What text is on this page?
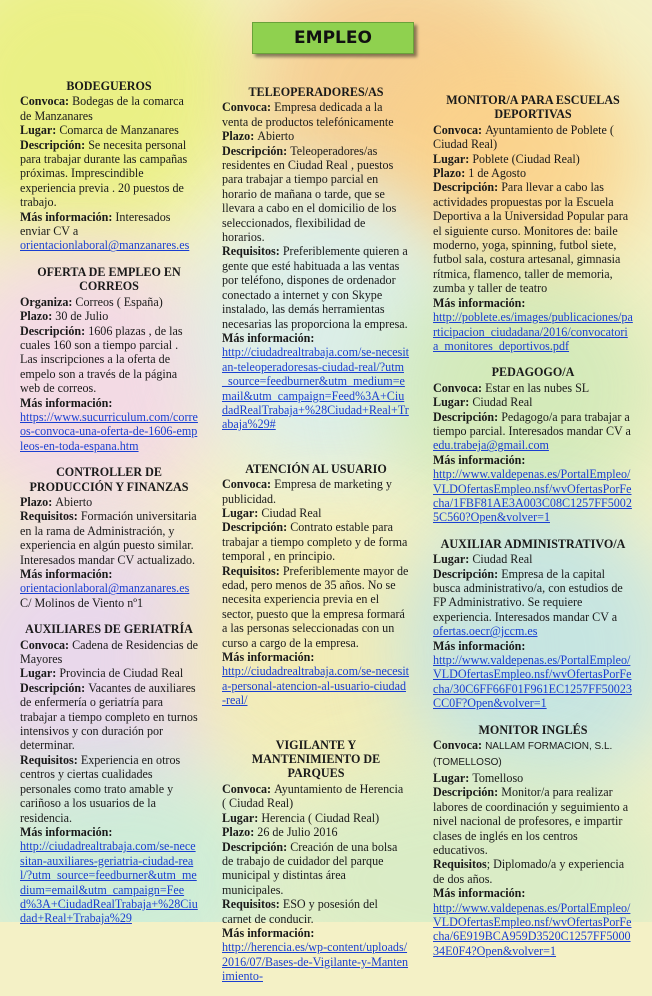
EMPLEO
BODEGUEROS
Convoca: Bodegas de la comarca de Manzanares
Lugar: Comarca de Manzanares
Descripción: Se necesita personal para trabajar durante las campañas próximas. Imprescindible experiencia previa . 20 puestos de trabajo.
Más información: Interesados enviar CV a
orientacionlaboral@manzanares.es
OFERTA DE EMPLEO EN CORREOS
Organiza: Correos ( España)
Plazo: 30 de Julio
Descripción: 1606 plazas , de las cuales 160 son a tiempo parcial . Las inscripciones a la oferta de empelo son a través de la página web de correos.
Más información:
https://www.sucurriculum.com/correos-convoca-una-oferta-de-1606-empleos-en-toda-espana.htm
CONTROLLER DE PRODUCCIÓN Y FINANZAS
Plazo: Abierto
Requisitos: Formación universitaria en la rama de Administración, y experiencia en algún puesto similar. Interesados mandar CV actualizado.
Más información:
orientacionlaboral@manzanares.es
C/ Molinos de Viento nº1
AUXILIARES DE GERIATRÍA
Convoca: Cadena de Residencias de Mayores
Lugar: Provincia de Ciudad Real
Descripción: Vacantes de auxiliares de enfermería o geriatría para trabajar a tiempo completo en turnos intensivos y con duración por determinar.
Requisitos: Experiencia en otros centros y ciertas cualidades personales como trato amable y cariñoso a los usuarios de la residencia.
Más información:
http://ciudadrealtrabaja.com/se-necesitan-auxiliares-geriatria-ciudad-real/?utm_source=feedburner&utm_medium=email&utm_campaign=Feed%3A+CiudadRealTrabaja+%28Ciudad+Real+Trabaja%29
TELEOPERADORES/AS
Convoca: Empresa dedicada a la venta de productos telefónicamente
Plazo: Abierto
Descripción: Teleoperadores/as residentes en Ciudad Real , puestos para trabajar a tiempo parcial en horario de mañana o tarde, que se llevara a cabo en el domicilio de los seleccionados, flexibilidad de horarios.
Requisitos: Preferiblemente quieren a gente que esté habituada a las ventas por teléfono, dispones de ordenador conectado a internet y con Skype instalado, las demás herramientas necesarias las proporciona la empresa.
Más información:
http://ciudadrealtrabaja.com/se-necesitan-teleoperadoresas-ciudad-real/?utm_source=feedburner&utm_medium=email&utm_campaign=Feed%3A+CiudadRealTrabaja+%28Ciudad+Real+Trabaja%29#
ATENCIÓN AL USUARIO
Convoca: Empresa de marketing y publicidad.
Lugar: Ciudad Real
Descripción: Contrato estable para trabajar a tiempo completo y de forma temporal , en principio.
Requisitos: Preferiblemente mayor de edad, pero menos de 35 años. No se necesita experiencia previa en el sector, puesto que la empresa formará a las personas seleccionadas con un curso a cargo de la empresa.
Más información:
http://ciudadrealtrabaja.com/se-necesita-personal-atencion-al-usuario-ciudad-real/
VIGILANTE Y MANTENIMIENTO DE PARQUES
Convoca: Ayuntamiento de Herencia ( Ciudad Real)
Lugar: Herencia ( Ciudad Real)
Plazo: 26 de Julio 2016
Descripción: Creación de una bolsa de trabajo de cuidador del parque municipal y distintas área municipales.
Requisitos: ESO y posesión del carnet de conducir.
Más información:
http://herencia.es/wp-content/uploads/2016/07/Bases-de-Vigilante-y-Mantenimiento-
MONITOR/A PARA ESCUELAS DEPORTIVAS
Convoca: Ayuntamiento de Poblete ( Ciudad Real)
Lugar: Poblete (Ciudad Real)
Plazo: 1 de Agosto
Descripción: Para llevar a cabo las actividades propuestas por la Escuela Deportiva a la Universidad Popular para el siguiente curso. Monitores de: baile moderno, yoga, spinning, futbol siete, futbol sala, costura artesanal, gimnasia rítmica, flamenco, taller de memoria, zumba y taller de teatro
Más información:
http://poblete.es/images/publicaciones/participacion_ciudadana/2016/convocatoria_monitores_deportivos.pdf
PEDAGOGO/A
Convoca: Estar en las nubes SL
Lugar: Ciudad Real
Descripción: Pedagogo/a para trabajar a tiempo parcial. Interesados mandar CV a
edu.trabeja@gmail.com
Más información:
http://www.valdepenas.es/PortalEmpleo/VLDOfertasEmpleo.nsf/wvOfertasPorFecha/1FBF81AE3A003C08C1257FF50025C560?Open&volver=1
AUXILIAR ADMINISTRATIVO/A
Lugar: Ciudad Real
Descripción: Empresa de la capital busca administrativo/a, con estudios de FP Administrativo. Se requiere experiencia. Interesados mandar CV a
ofertas.oecr@jccm.es
Más información:
http://www.valdepenas.es/PortalEmpleo/VLDOfertasEmpleo.nsf/wvOfertasPorFecha/30C6FF66F01F961EC1257FF50023CC0F?Open&volver=1
MONITOR INGLÉS
Convoca: NALLAM FORMACION, S.L. (TOMELLOSO)
Lugar: Tomelloso
Descripción: Monitor/a para realizar labores de coordinación y seguimiento a nivel nacional de profesores, e impartir clases de inglés en los centros educativos.
Requisitos; Diplomado/a y experiencia de dos años.
Más información:
http://www.valdepenas.es/PortalEmpleo/VLDOfertasEmpleo.nsf/wvOfertasPorFecha/6E919BCA959D3520C1257FF500034E0F4?Open&volver=1
